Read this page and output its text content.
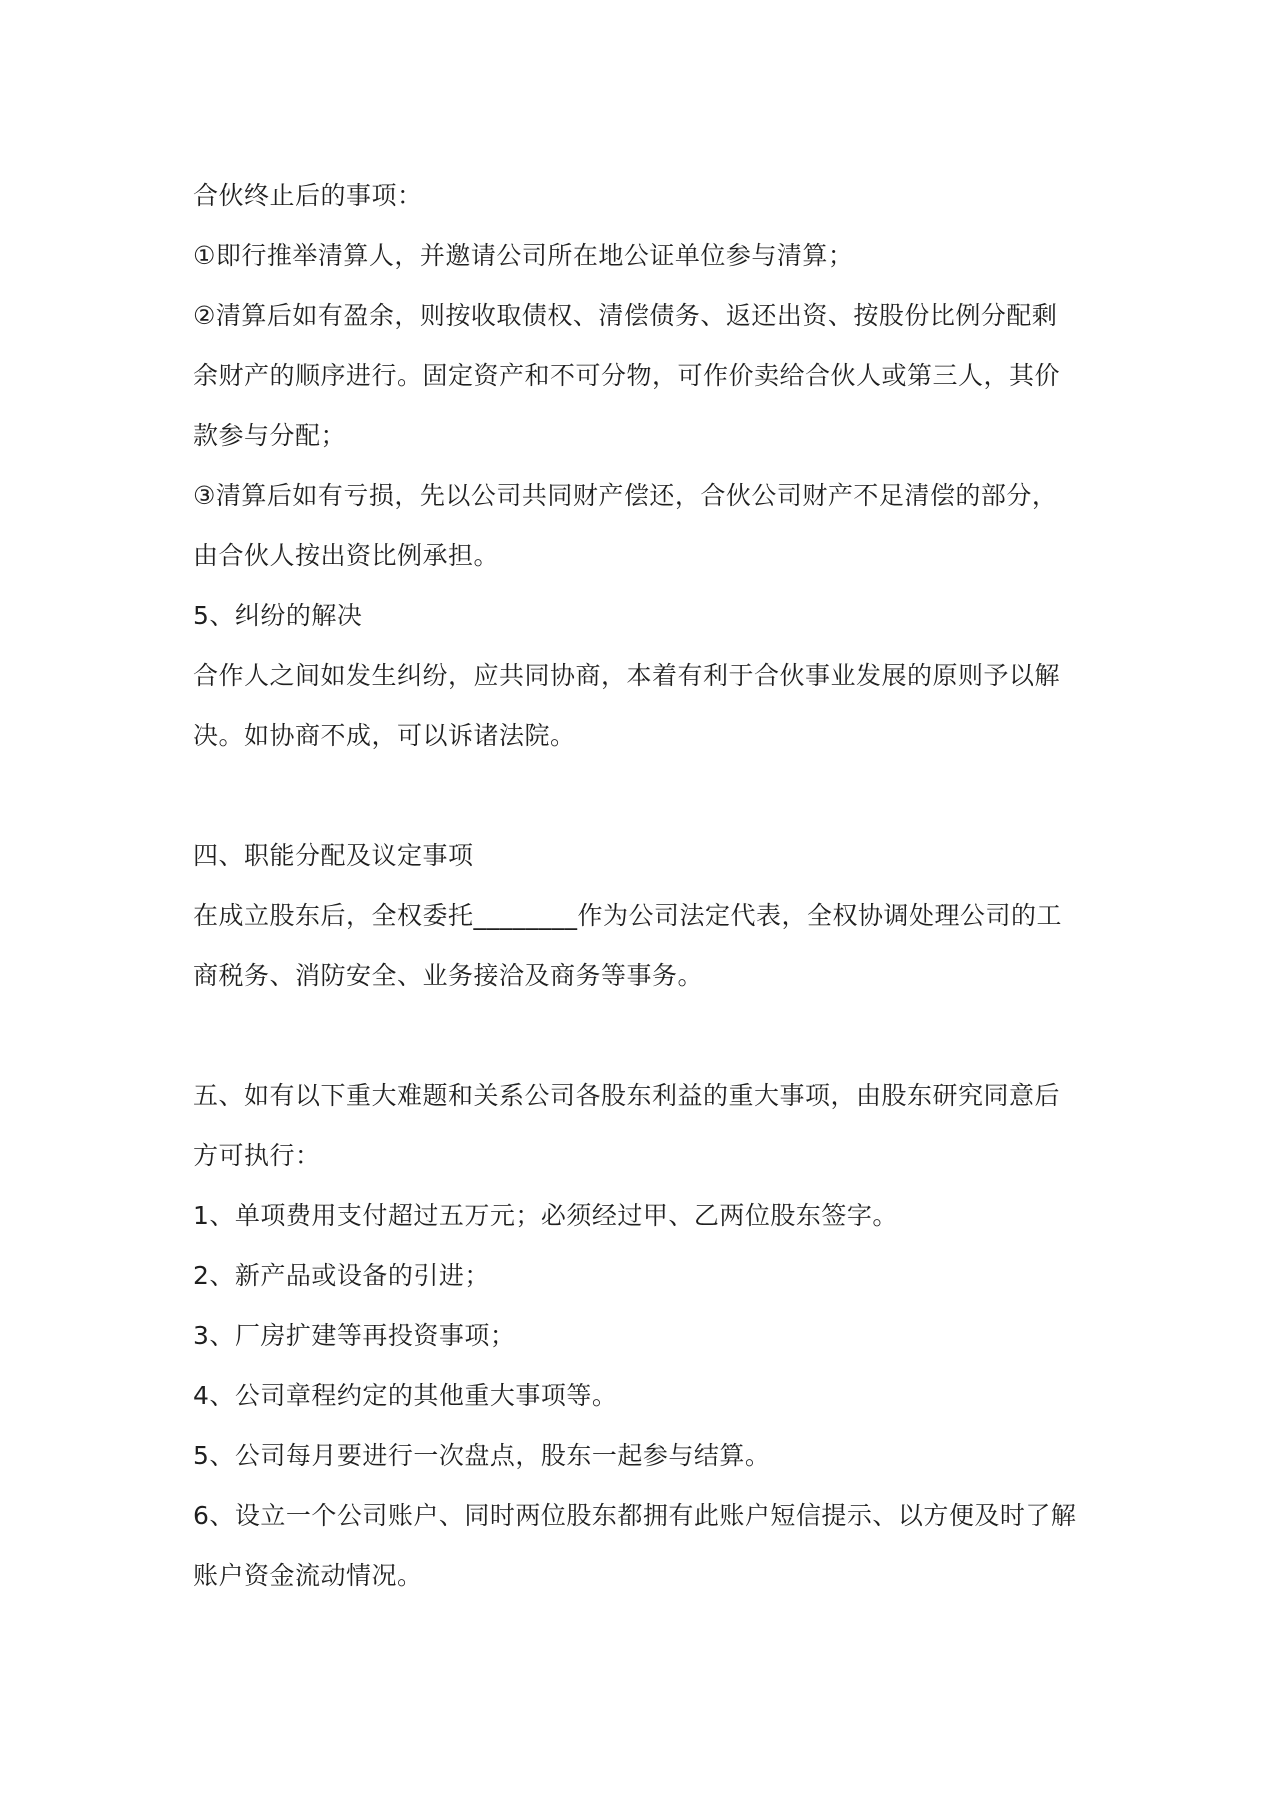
合伙终止后的事项：
①即行推举清算人，并邀请公司所在地公证单位参与清算；
②清算后如有盈余，则按收取债权、清偿债务、返还出资、按股份比例分配剩
余财产的顺序进行。固定资产和不可分物，可作价卖给合伙人或第三人，其价
款参与分配；
③清算后如有亏损，先以公司共同财产偿还，合伙公司财产不足清偿的部分，
由合伙人按出资比例承担。
5、纠纷的解决
合作人之间如发生纠纷，应共同协商，本着有利于合伙事业发展的原则予以解
决。如协商不成，可以诉诸法院。
四、职能分配及议定事项
在成立股东后，全权委托________作为公司法定代表，全权协调处理公司的工
商税务、消防安全、业务接洽及商务等事务。
五、如有以下重大难题和关系公司各股东利益的重大事项，由股东研究同意后
方可执行：
1、单项费用支付超过五万元；必须经过甲、乙两位股东签字。
2、新产品或设备的引进；
3、厂房扩建等再投资事项；
4、公司章程约定的其他重大事项等。
5、公司每月要进行一次盘点，股东一起参与结算。
6、设立一个公司账户、同时两位股东都拥有此账户短信提示、以方便及时了解
账户资金流动情况。
